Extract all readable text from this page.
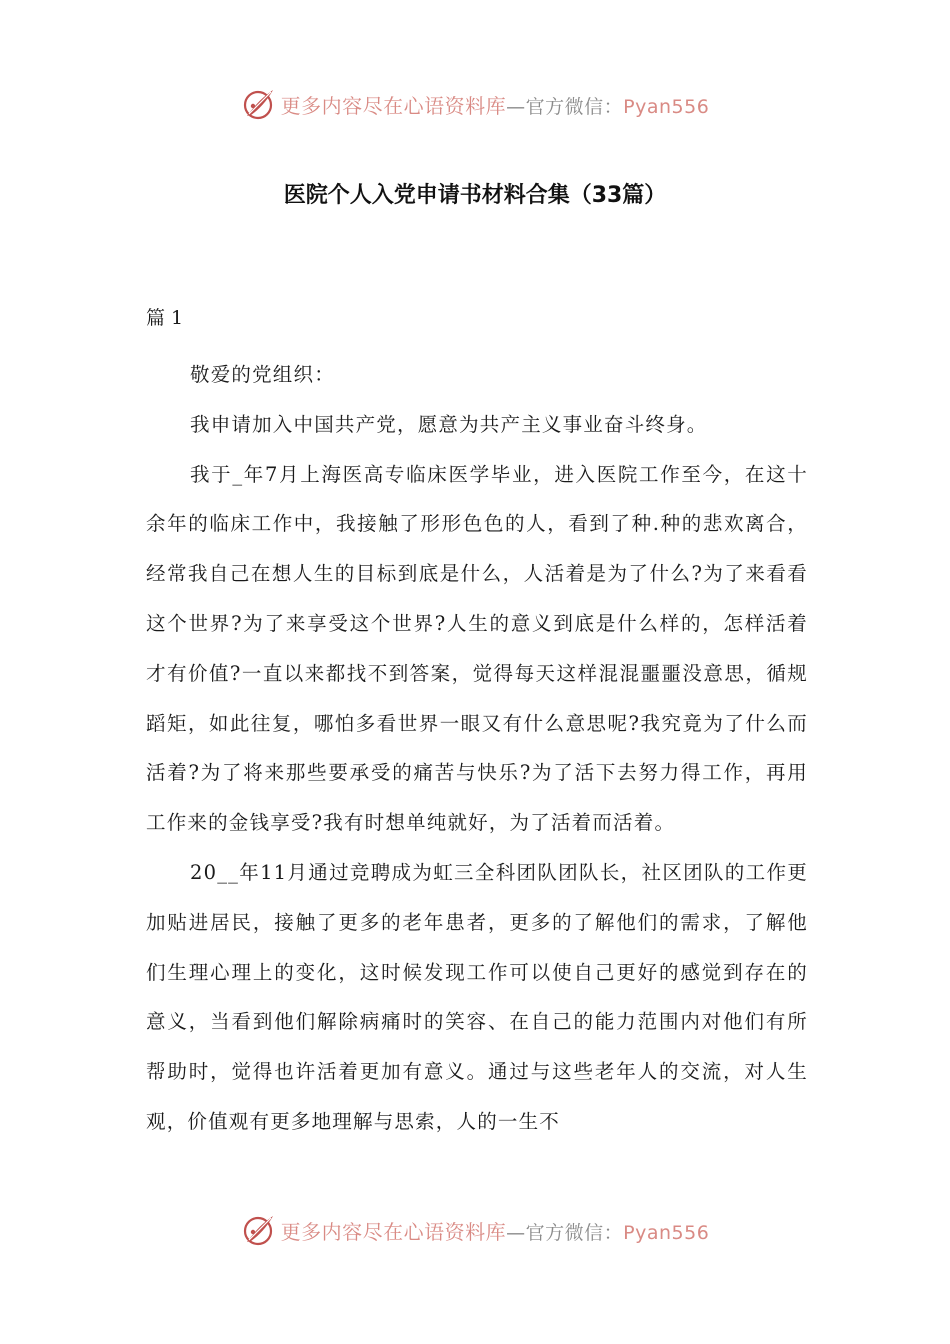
更多内容尽在心语资料库—官方微信：Pyan556
医院个人入党申请书材料合集（33篇）

篇 1

敬爱的党组织：

我申请加入中国共产党，愿意为共产主义事业奋斗终身。

我于_年7月上海医高专临床医学毕业，进入医院工作至今，在这十余年的临床工作中，我接触了形形色色的人，看到了种.种的悲欢离合，经常我自己在想人生的目标到底是什么，人活着是为了什么?为了来看看这个世界?为了来享受这个世界?人生的意义到底是什么样的，怎样活着才有价值?一直以来都找不到答案，觉得每天这样混混噩噩没意思，循规蹈矩，如此往复，哪怕多看世界一眼又有什么意思呢?我究竟为了什么而活着?为了将来那些要承受的痛苦与快乐?为了活下去努力得工作，再用工作来的金钱享受?我有时想单纯就好，为了活着而活着。

20__年11月通过竞聘成为虹三全科团队团队长，社区团队的工作更加贴进居民，接触了更多的老年患者，更多的了解他们的需求，了解他们生理心理上的变化，这时候发现工作可以使自己更好的感觉到存在的意义，当看到他们解除病痛时的笑容、在自己的能力范围内对他们有所帮助时，觉得也许活着更加有意义。通过与这些老年人的交流，对人生观，价值观有更多地理解与思索，人的一生不

更多内容尽在心语资料库—官方微信：Pyan556
